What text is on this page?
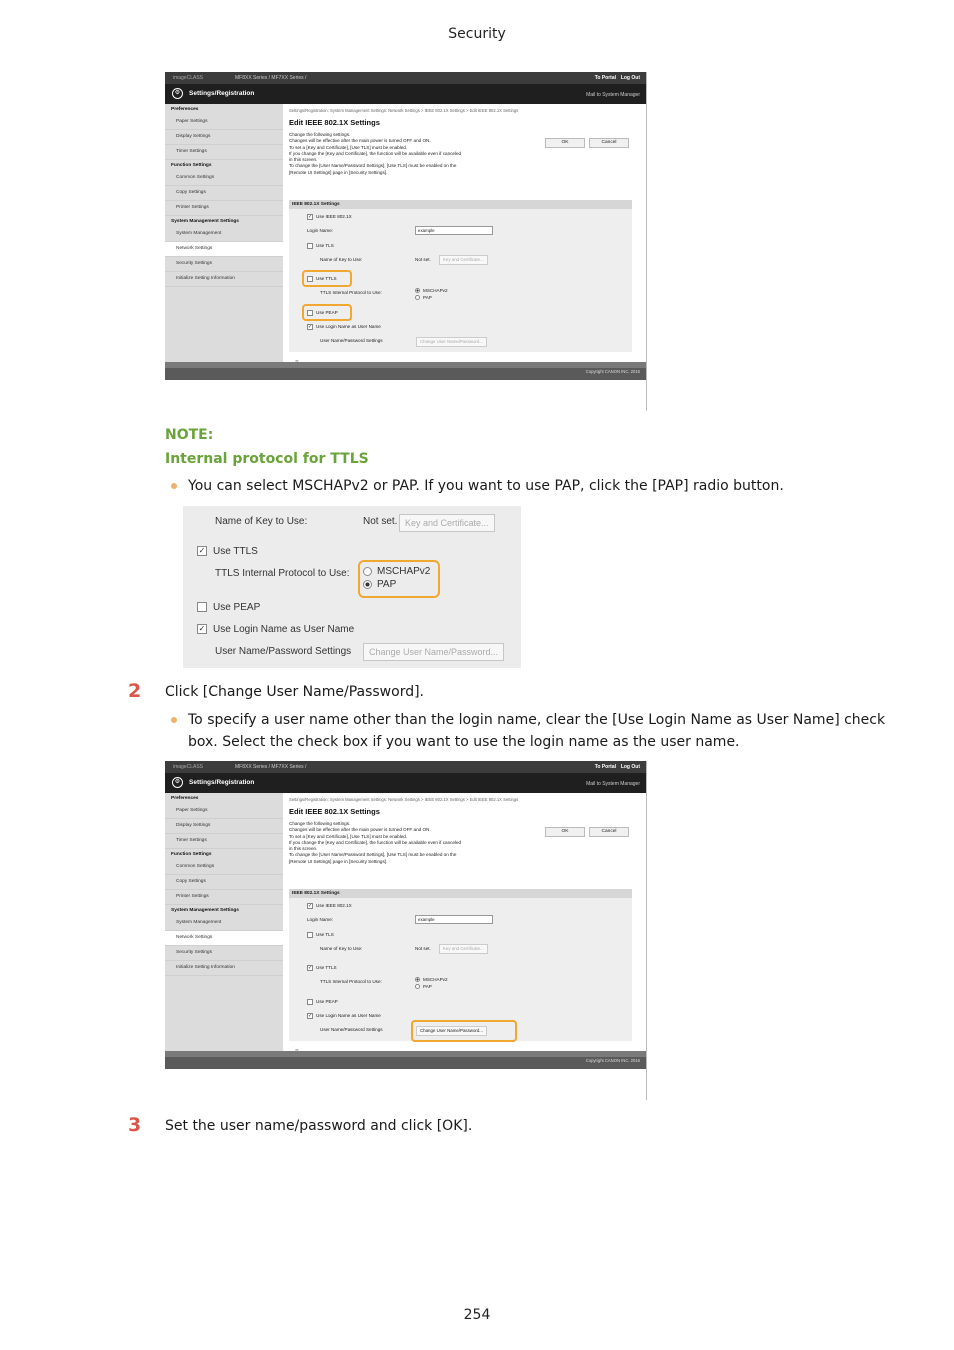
Security
imageCLASS	MF8XX Series / MF7XX Series /	To Portal Log Out
⚙	Settings/Registration	Mail to System Manager
Preferences
Paper Settings
Display Settings
Timer Settings
Function Settings
Common Settings
Copy Settings
Printer Settings
System Management Settings
System Management
Network Settings
Security Settings
Initialize Setting Information
Settings/Registration: System Management Settings: Network Settings > IEEE 802.1X Settings > Edit IEEE 802.1X Settings
Edit IEEE 802.1X Settings
Change the following settings.
Changes will be effective after the main power is turned OFF and ON.
To set a [Key and Certificate], [Use TLS] must be enabled.
If you change the [Key and Certificate], the function will be available even if canceled
in this screen.
To change the [User Name/Password Settings], [Use TLS] must be enabled on the
[Remote UI Settings] page in [Security Settings].
OK	Cancel
IEEE 802.1X Settings
✓ Use IEEE 802.1X
Login Name:	example
Use TLS
Name of Key to Use:	Not set.	Key and Certificate...
Use TTLS
TTLS Internal Protocol to Use:	MSCHAPv2
PAP
Use PEAP
✓ Use Login Name as User Name
User Name/Password Settings	Change User Name/Password...
Copyright CANON INC. 2016
NOTE:
Internal protocol for TTLS
You can select MSCHAPv2 or PAP. If you want to use PAP, click the [PAP] radio button.
Name of Key to Use:	Not set. Key and Certificate...
✓ Use TTLS
TTLS Internal Protocol to Use:	MSCHAPv2
PAP
Use PEAP
✓ Use Login Name as User Name
User Name/Password Settings	Change User Name/Password...
2 Click [Change User Name/Password].
To specify a user name other than the login name, clear the [Use Login Name as User Name] check
box. Select the check box if you want to use the login name as the user name.
imageCLASS	MF8XX Series / MF7XX Series /	To Portal Log Out
⚙	Settings/Registration	Mail to System Manager
Preferences
Paper Settings
Display Settings
Timer Settings
Function Settings
Common Settings
Copy Settings
Printer Settings
System Management Settings
System Management
Network Settings
Security Settings
Initialize Setting Information
Settings/Registration: System Management Settings: Network Settings > IEEE 802.1X Settings > Edit IEEE 802.1X Settings
Edit IEEE 802.1X Settings
Change the following settings.
Changes will be effective after the main power is turned OFF and ON.
To set a [Key and Certificate], [Use TLS] must be enabled.
If you change the [Key and Certificate], the function will be available even if canceled
in this screen.
To change the [User Name/Password Settings], [Use TLS] must be enabled on the
[Remote UI Settings] page in [Security Settings].
OK	Cancel
IEEE 802.1X Settings
✓ Use IEEE 802.1X
Login Name:	example
Use TLS
Name of Key to Use:	Not set.	Key and Certificate...
✓ Use TTLS
TTLS Internal Protocol to Use:	MSCHAPv2
PAP
Use PEAP
✓ Use Login Name as User Name
User Name/Password Settings	Change User Name/Password...
Copyright CANON INC. 2016
3 Set the user name/password and click [OK].
254
